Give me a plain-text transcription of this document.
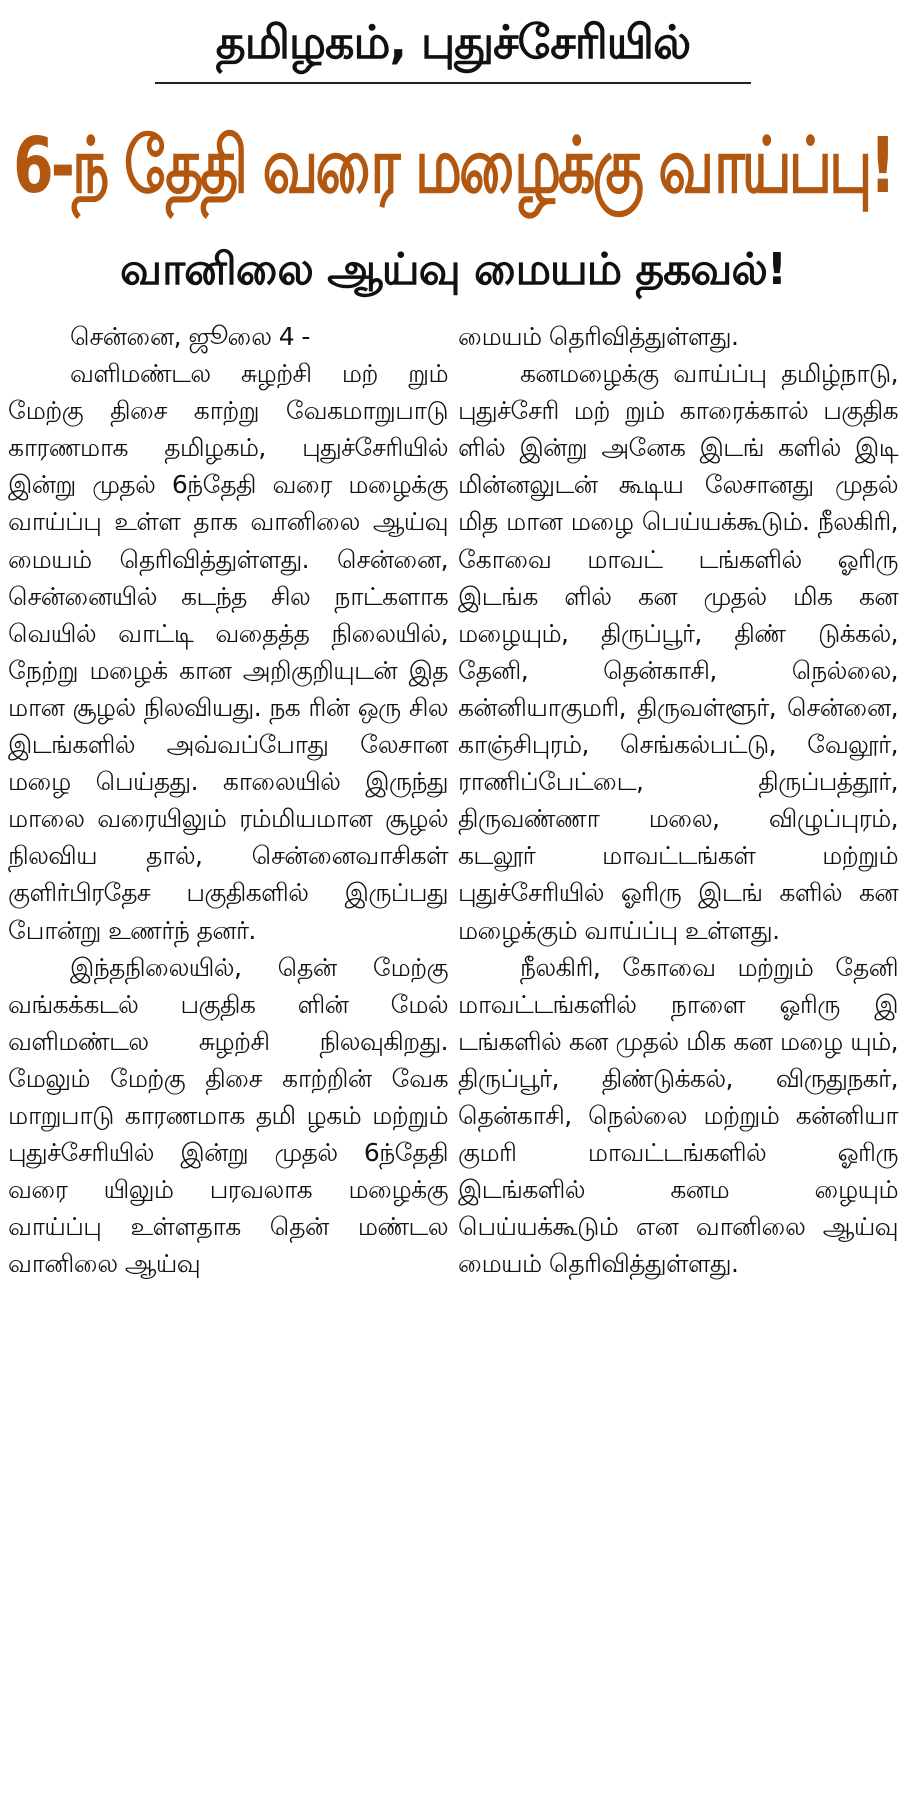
தமிழகம், புதுச்சேரியில்
6-ந் தேதி வரை மழைக்கு வாய்ப்பு!
வானிலை ஆய்வு மையம் தகவல்!

சென்னை, ஜூலை 4 -

வளிமண்டல சுழற்சி மற் றும் மேற்கு திசை காற்று வேகமாறுபாடு காரணமாக தமிழகம், புதுச்சேரியில் இன்று முதல் 6ந்தேதி வரை மழைக்கு வாய்ப்பு உள்ள தாக வானிலை ஆய்வு மையம் தெரிவித்துள்ளது. சென்னை, சென்னையில் கடந்த சில நாட்களாக வெயில் வாட்டி வதைத்த நிலையில், நேற்று மழைக் கான அறிகுறியுடன் இத மான சூழல் நிலவியது. நக ரின் ஒரு சில இடங்களில் அவ்வப்போது லேசான மழை பெய்தது. காலையில் இருந்து மாலை வரையிலும் ரம்மியமான சூழல் நிலவிய தால், சென்னைவாசிகள் குளிர்பிரதேச பகுதிகளில் இருப்பது போன்று உணர்ந் தனர்.

இந்தநிலையில், தென் மேற்கு வங்கக்கடல் பகுதிக ளின் மேல் வளிமண்டல சுழற்சி நிலவுகிறது. மேலும் மேற்கு திசை காற்றின் வேக மாறுபாடு காரணமாக தமி ழகம் மற்றும் புதுச்சேரியில் இன்று முதல் 6ந்தேதி வரை யிலும் பரவலாக மழைக்கு வாய்ப்பு உள்ளதாக தென் மண்டல வானிலை ஆய்வு

மையம் தெரிவித்துள்ளது.

கனமழைக்கு வாய்ப்பு தமிழ்நாடு, புதுச்சேரி மற் றும் காரைக்கால் பகுதிக ளில் இன்று அனேக இடங் களில் இடி மின்னலுடன் கூடிய லேசானது முதல் மித மான மழை பெய்யக்கூடும். நீலகிரி, கோவை மாவட் டங்களில் ஓரிரு இடங்க ளில் கன முதல் மிக கன மழையும், திருப்பூர், திண் டுக்கல், தேனி, தென்காசி, நெல்லை, கன்னியாகுமரி, திருவள்ளூர், சென்னை, காஞ்சிபுரம், செங்கல்பட்டு, வேலூர், ராணிப்பேட்டை, திருப்பத்தூர், திருவண்ணா மலை, விழுப்புரம், கடலூர் மாவட்டங்கள் மற்றும் புதுச்சேரியில் ஓரிரு இடங் களில் கன மழைக்கும் வாய்ப்பு உள்ளது.

நீலகிரி, கோவை மற்றும் தேனி மாவட்டங்களில் நாளை ஓரிரு இ டங்களில் கன முதல் மிக கன மழை யும், திருப்பூர், திண்டுக்கல், விருதுநகர், தென்காசி, நெல்லை மற்றும் கன்னியா குமரி மாவட்டங்களில் ஓரிரு இடங்களில் கனம ழையும் பெய்யக்கூடும் என வானிலை ஆய்வு மையம் தெரிவித்துள்ளது.
